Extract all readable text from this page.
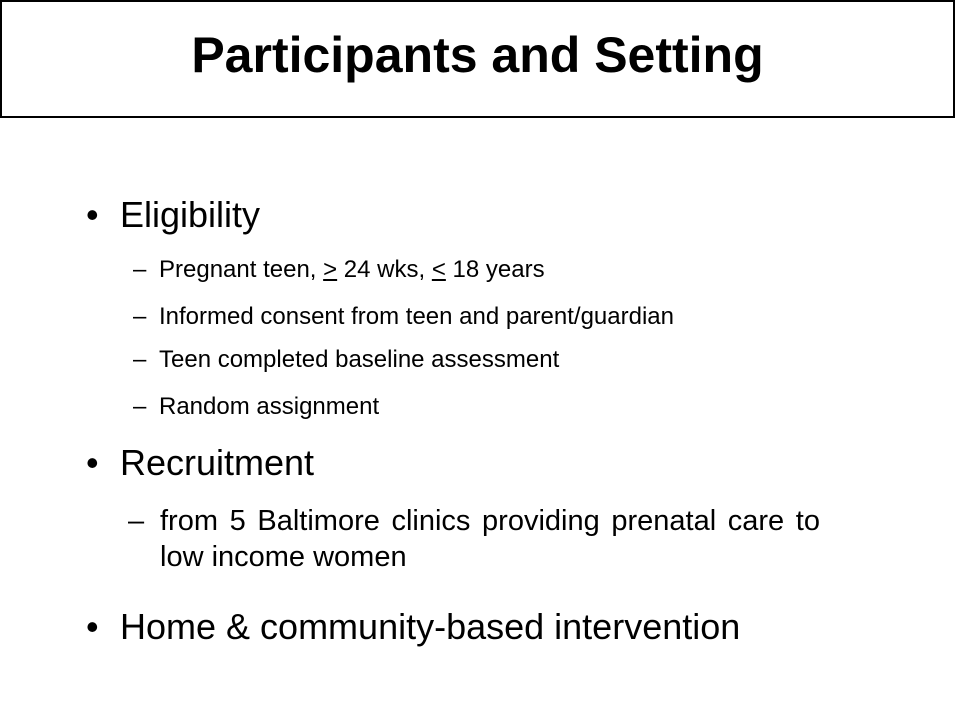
Participants and Setting
• Eligibility
– Pregnant teen, > 24 wks, < 18 years
– Informed consent from teen and parent/guardian
– Teen completed baseline assessment
– Random assignment
• Recruitment
– from 5 Baltimore clinics providing prenatal care to low income women
• Home & community-based intervention
